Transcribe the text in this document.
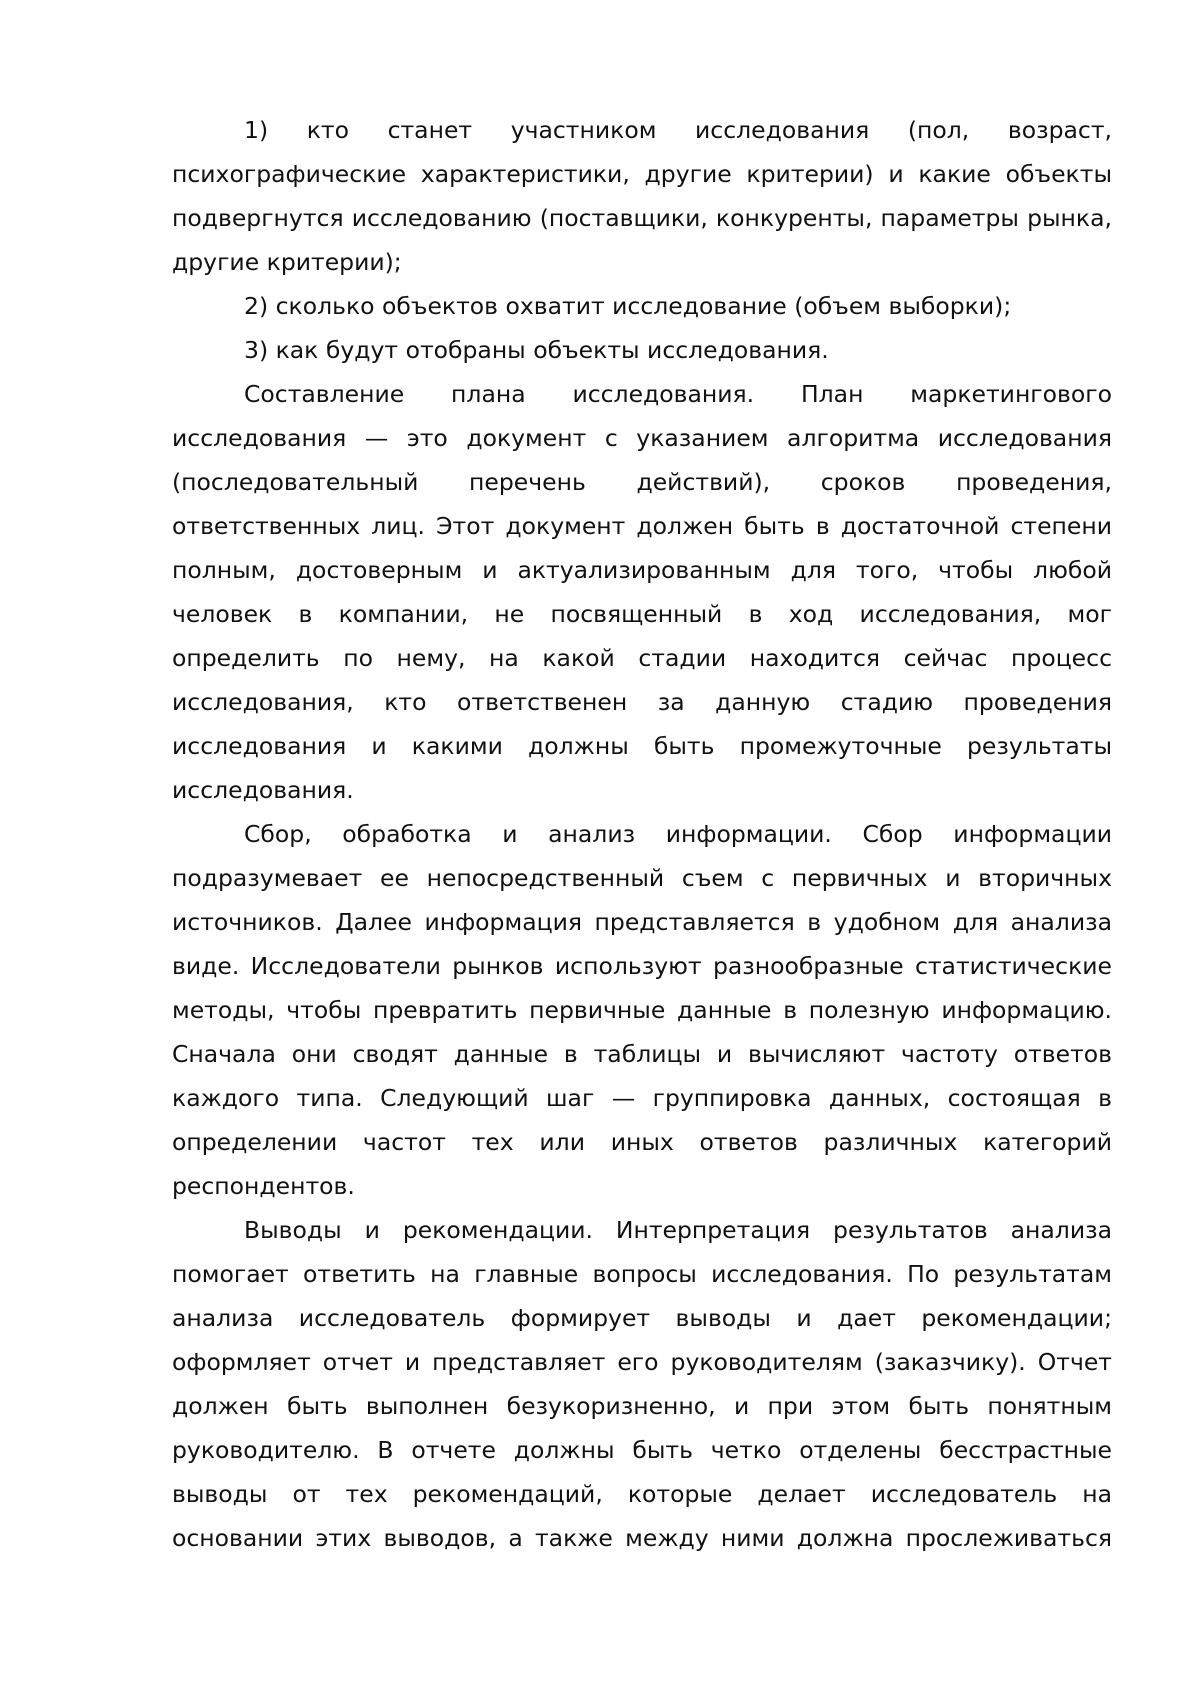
1) кто станет участником исследования (пол, возраст, психографические характеристики, другие критерии) и какие объекты подвергнутся исследованию (поставщики, конкуренты, параметры рынка, другие критерии);

2) сколько объектов охватит исследование (объем выборки);

3) как будут отобраны объекты исследования.

Составление плана исследования. План маркетингового исследования — это документ с указанием алгоритма исследования (последовательный перечень действий), сроков проведения, ответственных лиц. Этот документ должен быть в достаточной степени полным, достоверным и актуализированным для того, чтобы любой человек в компании, не посвященный в ход исследования, мог определить по нему, на какой стадии находится сейчас процесс исследования, кто ответственен за данную стадию проведения исследования и какими должны быть промежуточные результаты исследования.

Сбор, обработка и анализ информации. Сбор информации подразумевает ее непосредственный съем с первичных и вторичных источников. Далее информация представляется в удобном для анализа виде. Исследователи рынков используют разнообразные статистические методы, чтобы превратить первичные данные в полезную информацию. Сначала они сводят данные в таблицы и вычисляют частоту ответов каждого типа. Следующий шаг — группировка данных, состоящая в определении частот тех или иных ответов различных категорий респондентов.

Выводы и рекомендации. Интерпретация результатов анализа помогает ответить на главные вопросы исследования. По результатам анализа исследователь формирует выводы и дает рекомендации; оформляет отчет и представляет его руководителям (заказчику). Отчет должен быть выполнен безукоризненно, и при этом быть понятным руководителю. В отчете должны быть четко отделены бесстрастные выводы от тех рекомендаций, которые делает исследователь на основании этих выводов, а также между ними должна прослеживаться
